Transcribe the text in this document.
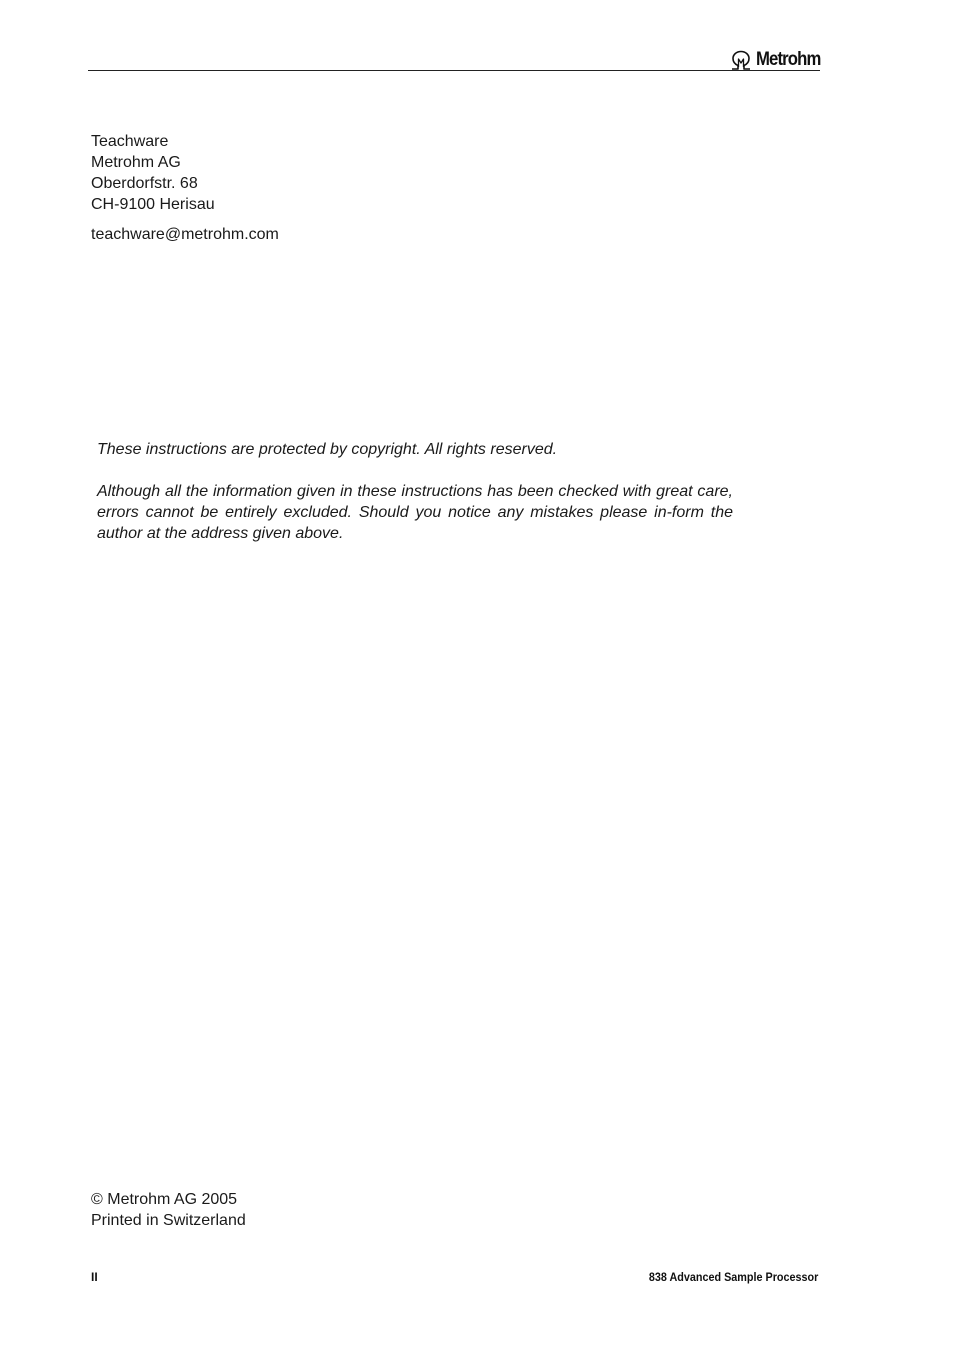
Metrohm
Teachware
Metrohm AG
Oberdorfstr. 68
CH-9100 Herisau
teachware@metrohm.com

These instructions are protected by copyright. All rights reserved.

Although all the information given in these instructions has been checked with great care, errors cannot be entirely excluded. Should you notice any mistakes please in-form the author at the address given above.

© Metrohm AG 2005
Printed in Switzerland
II	838 Advanced Sample Processor
